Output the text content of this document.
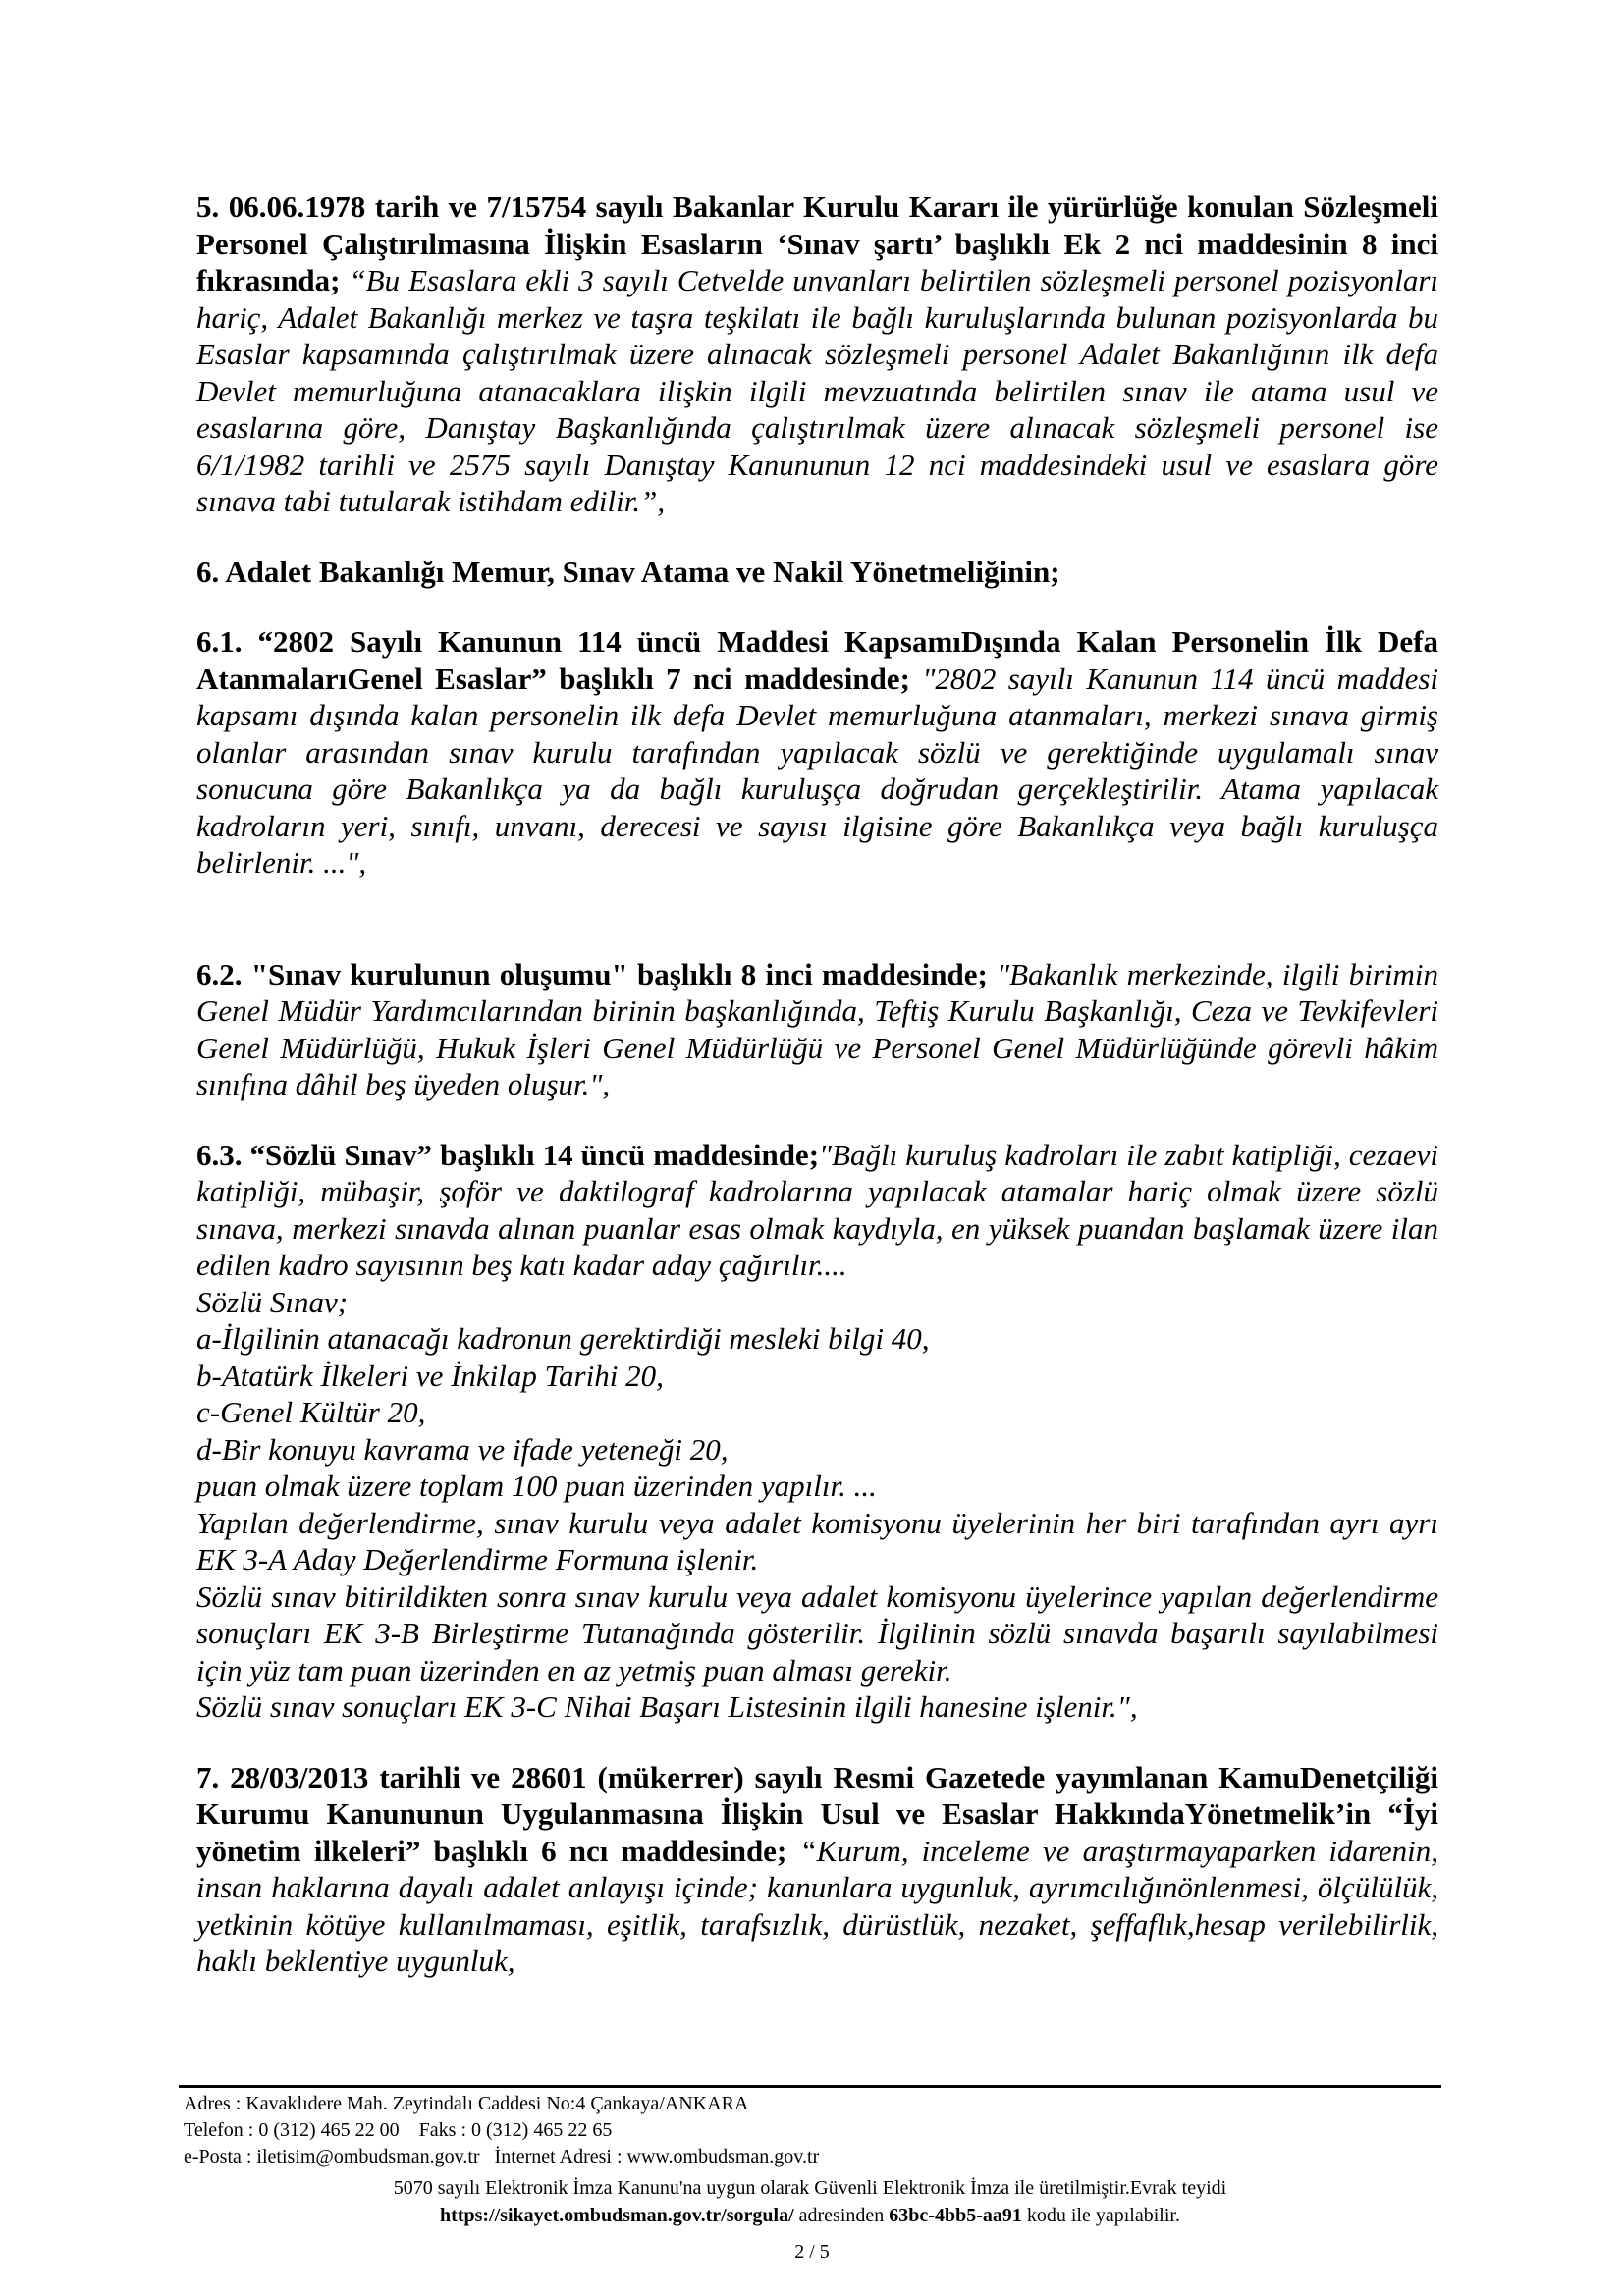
5. 06.06.1978 tarih ve 7/15754 sayılı Bakanlar Kurulu Kararı ile yürürlüğe konulan Sözleşmeli Personel Çalıştırılmasına İlişkin Esasların ‘Sınav şartı’ başlıklı Ek 2 nci maddesinin 8 inci fıkrasında; “Bu Esaslara ekli 3 sayılı Cetvelde unvanları belirtilen sözleşmeli personel pozisyonları hariç, Adalet Bakanlığı merkez ve taşra teşkilatı ile bağlı kuruluşlarında bulunan pozisyonlarda bu Esaslar kapsamında çalıştırılmak üzere alınacak sözleşmeli personel Adalet Bakanlığının ilk defa Devlet memurluğuna atanacaklara ilişkin ilgili mevzuatında belirtilen sınav ile atama usul ve esaslarına göre, Danıştay Başkanlığında çalıştırılmak üzere alınacak sözleşmeli personel ise 6/1/1982 tarihli ve 2575 sayılı Danıştay Kanununun 12 nci maddesindeki usul ve esaslara göre sınava tabi tutularak istihdam edilir.”,

6. Adalet Bakanlığı Memur, Sınav Atama ve Nakil Yönetmeliğinin;

6.1. “2802 Sayılı Kanunun 114 üncü Maddesi KapsamıDışında Kalan Personelin İlk Defa AtanmalarıGenel Esaslar” başlıklı 7 nci maddesinde; "2802 sayılı Kanunun 114 üncü maddesi kapsamı dışında kalan personelin ilk defa Devlet memurluğuna atanmaları, merkezi sınava girmiş olanlar arasından sınav kurulu tarafından yapılacak sözlü ve gerektiğinde uygulamalı sınav sonucuna göre Bakanlıkça ya da bağlı kuruluşça doğrudan gerçekleştirilir. Atama yapılacak kadroların yeri, sınıfı, unvanı, derecesi ve sayısı ilgisine göre Bakanlıkça veya bağlı kuruluşça belirlenir. ...",

6.2. "Sınav kurulunun oluşumu" başlıklı 8 inci maddesinde; "Bakanlık merkezinde, ilgili birimin Genel Müdür Yardımcılarından birinin başkanlığında, Teftiş Kurulu Başkanlığı, Ceza ve Tevkifevleri Genel Müdürlüğü, Hukuk İşleri Genel Müdürlüğü ve Personel Genel Müdürlüğünde görevli hâkim sınıfına dâhil beş üyeden oluşur.",

6.3. “Sözlü Sınav” başlıklı 14 üncü maddesinde;"Bağlı kuruluş kadroları ile zabıt katipliği, cezaevi katipliği, mübaşir, şoför ve daktilograf kadrolarına yapılacak atamalar hariç olmak üzere sözlü sınava, merkezi sınavda alınan puanlar esas olmak kaydıyla, en yüksek puandan başlamak üzere ilan edilen kadro sayısının beş katı kadar aday çağırılır....

Sözlü Sınav;
a-İlgilinin atanacağı kadronun gerektirdiği mesleki bilgi 40,
b-Atatürk İlkeleri ve İnkilap Tarihi 20,
c-Genel Kültür 20,
d-Bir konuyu kavrama ve ifade yeteneği 20,
puan olmak üzere toplam 100 puan üzerinden yapılır. ...

Yapılan değerlendirme, sınav kurulu veya adalet komisyonu üyelerinin her biri tarafından ayrı ayrı EK 3-A Aday Değerlendirme Formuna işlenir.

Sözlü sınav bitirildikten sonra sınav kurulu veya adalet komisyonu üyelerince yapılan değerlendirme sonuçları EK 3-B Birleştirme Tutanağında gösterilir. İlgilinin sözlü sınavda başarılı sayılabilmesi için yüz tam puan üzerinden en az yetmiş puan alması gerekir.

Sözlü sınav sonuçları EK 3-C Nihai Başarı Listesinin ilgili hanesine işlenir.",

7. 28/03/2013 tarihli ve 28601 (mükerrer) sayılı Resmi Gazetede yayımlanan KamuDenetçiliği Kurumu Kanununun Uygulanmasına İlişkin Usul ve Esaslar HakkındaYönetmelik’in “İyi yönetim ilkeleri” başlıklı 6 ncı maddesinde; “Kurum, inceleme ve araştırmayaparken idarenin, insan haklarına dayalı adalet anlayışı içinde; kanunlara uygunluk, ayrımcılığınönlenmesi, ölçülülük, yetkinin kötüye kullanılmaması, eşitlik, tarafsızlık, dürüstlük, nezaket, şeffaflık,hesap verilebilirlik, haklı beklentiye uygunluk,

Adres : Kavaklıdere Mah. Zeytindalı Caddesi No:4 Çankaya/ANKARA
Telefon : 0 (312) 465 22 00    Faks : 0 (312) 465 22 65
e-Posta : iletisim@ombudsman.gov.tr   İnternet Adresi : www.ombudsman.gov.tr
5070 sayılı Elektronik İmza Kanunu'na uygun olarak Güvenli Elektronik İmza ile üretilmiştir.Evrak teyidi
https://sikayet.ombudsman.gov.tr/sorgula/ adresinden 63bc-4bb5-aa91 kodu ile yapılabilir.
2 / 5
